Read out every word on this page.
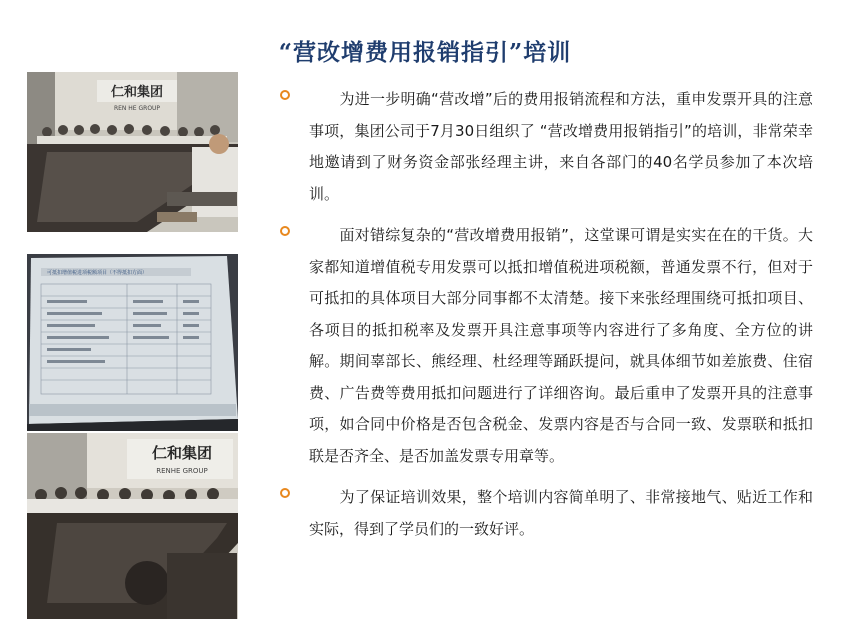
“营改增费用报销指引”培训
仁和集团
REN HE GROUP
可抵扣增值税进项税额项目（不得抵扣方面）
仁和集团
RENHE GROUP
　　为进一步明确“营改增”后的费用报销流程和方法，重申发票开具的注意事项，集团公司于7月30日组织了 “营改增费用报销指引”的培训，非常荣幸地邀请到了财务资金部张经理主讲，来自各部门的40名学员参加了本次培训。
　　面对错综复杂的“营改增费用报销”，这堂课可谓是实实在在的干货。大家都知道增值税专用发票可以抵扣增值税进项税额，普通发票不行，但对于可抵扣的具体项目大部分同事都不太清楚。接下来张经理围绕可抵扣项目、各项目的抵扣税率及发票开具注意事项等内容进行了多角度、全方位的讲解。期间辜部长、熊经理、杜经理等踊跃提问，就具体细节如差旅费、住宿费、广告费等费用抵扣问题进行了详细咨询。最后重申了发票开具的注意事项，如合同中价格是否包含税金、发票内容是否与合同一致、发票联和抵扣联是否齐全、是否加盖发票专用章等。
　　为了保证培训效果，整个培训内容简单明了、非常接地气、贴近工作和实际，得到了学员们的一致好评。
